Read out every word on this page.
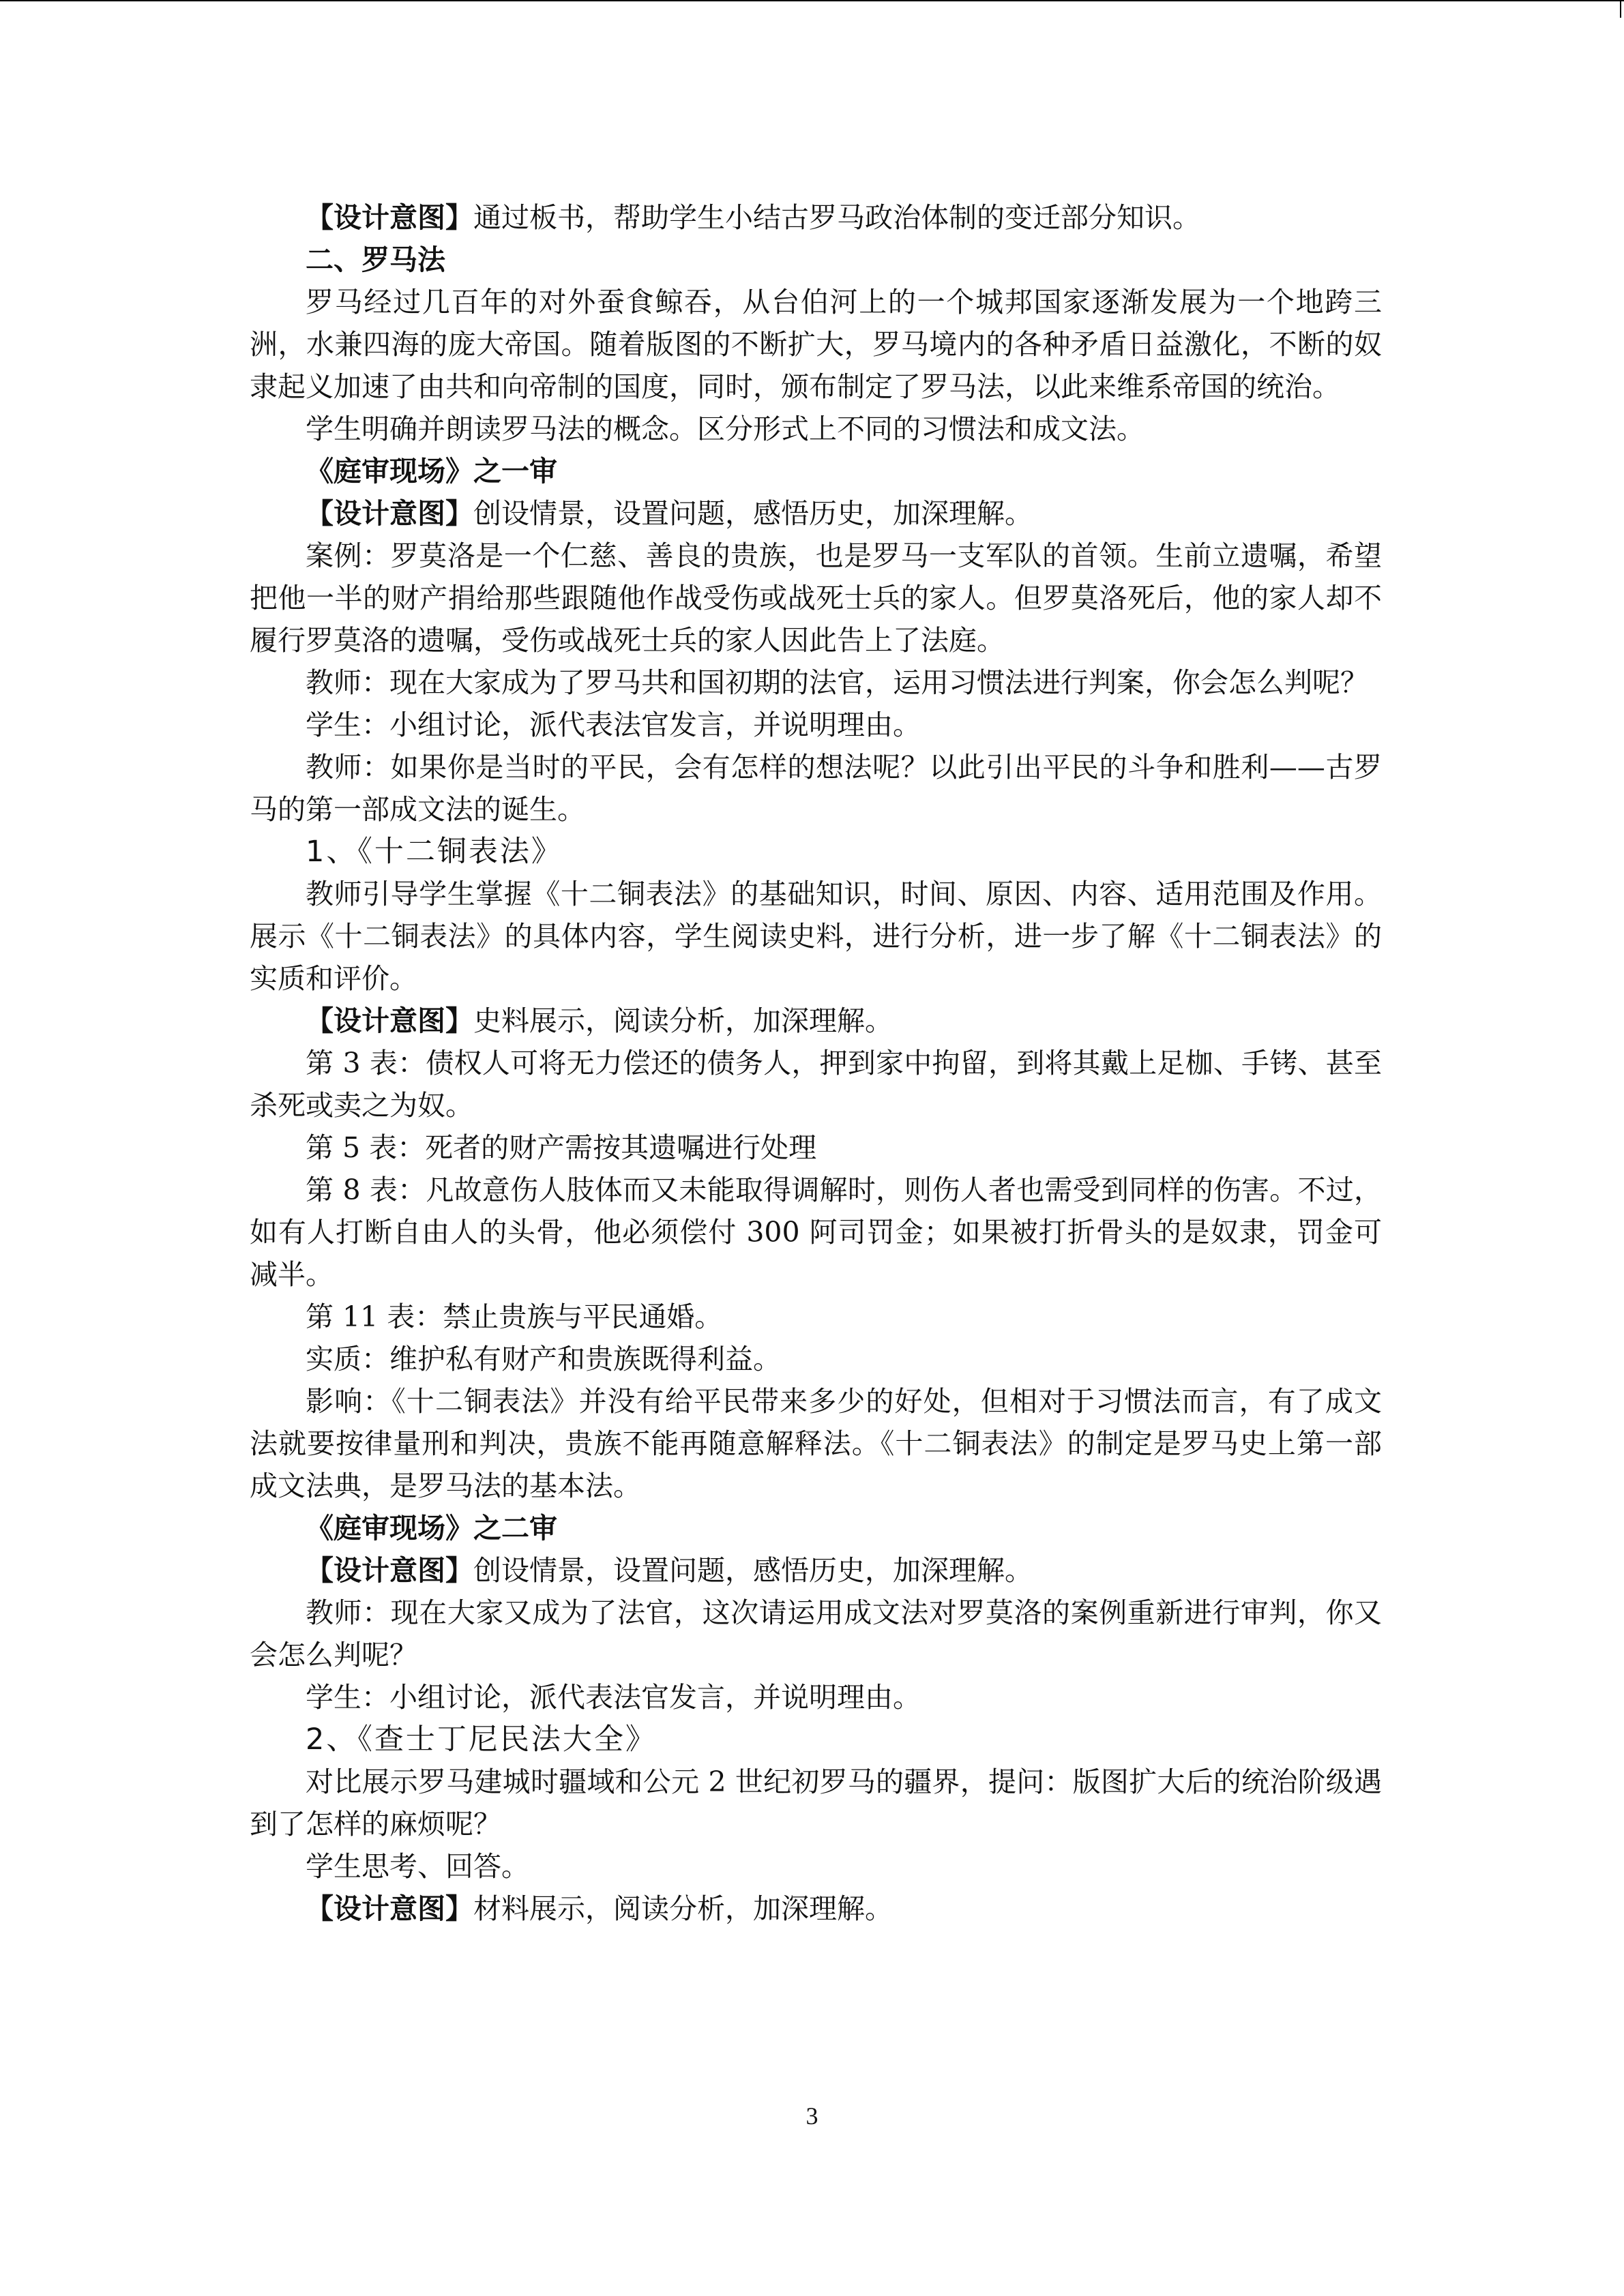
【设计意图】通过板书，帮助学生小结古罗马政治体制的变迁部分知识。

二、罗马法

罗马经过几百年的对外蚕食鲸吞，从台伯河上的一个城邦国家逐渐发展为一个地跨三洲，水兼四海的庞大帝国。随着版图的不断扩大，罗马境内的各种矛盾日益激化，不断的奴隶起义加速了由共和向帝制的国度，同时，颁布制定了罗马法，以此来维系帝国的统治。

学生明确并朗读罗马法的概念。区分形式上不同的习惯法和成文法。

《庭审现场》之一审

【设计意图】创设情景，设置问题，感悟历史，加深理解。

案例：罗莫洛是一个仁慈、善良的贵族，也是罗马一支军队的首领。生前立遗嘱，希望把他一半的财产捐给那些跟随他作战受伤或战死士兵的家人。但罗莫洛死后，他的家人却不履行罗莫洛的遗嘱，受伤或战死士兵的家人因此告上了法庭。

教师：现在大家成为了罗马共和国初期的法官，运用习惯法进行判案，你会怎么判呢？

学生：小组讨论，派代表法官发言，并说明理由。

教师：如果你是当时的平民，会有怎样的想法呢？以此引出平民的斗争和胜利——古罗马的第一部成文法的诞生。

1、《十二铜表法》

教师引导学生掌握《十二铜表法》的基础知识，时间、原因、内容、适用范围及作用。展示《十二铜表法》的具体内容，学生阅读史料，进行分析，进一步了解《十二铜表法》的实质和评价。

【设计意图】史料展示，阅读分析，加深理解。

第 3 表：债权人可将无力偿还的债务人，押到家中拘留，到将其戴上足枷、手铐、甚至杀死或卖之为奴。

第 5 表：死者的财产需按其遗嘱进行处理

第 8 表：凡故意伤人肢体而又未能取得调解时，则伤人者也需受到同样的伤害。不过，如有人打断自由人的头骨，他必须偿付 300 阿司罚金；如果被打折骨头的是奴隶，罚金可减半。

第 11 表：禁止贵族与平民通婚。

实质：维护私有财产和贵族既得利益。

影响：《十二铜表法》并没有给平民带来多少的好处，但相对于习惯法而言，有了成文法就要按律量刑和判决，贵族不能再随意解释法。《十二铜表法》的制定是罗马史上第一部成文法典，是罗马法的基本法。

《庭审现场》之二审

【设计意图】创设情景，设置问题，感悟历史，加深理解。

教师：现在大家又成为了法官，这次请运用成文法对罗莫洛的案例重新进行审判，你又会怎么判呢？

学生：小组讨论，派代表法官发言，并说明理由。

2、《查士丁尼民法大全》

对比展示罗马建城时疆域和公元 2 世纪初罗马的疆界，提问：版图扩大后的统治阶级遇到了怎样的麻烦呢？

学生思考、回答。

【设计意图】材料展示，阅读分析，加深理解。

3
